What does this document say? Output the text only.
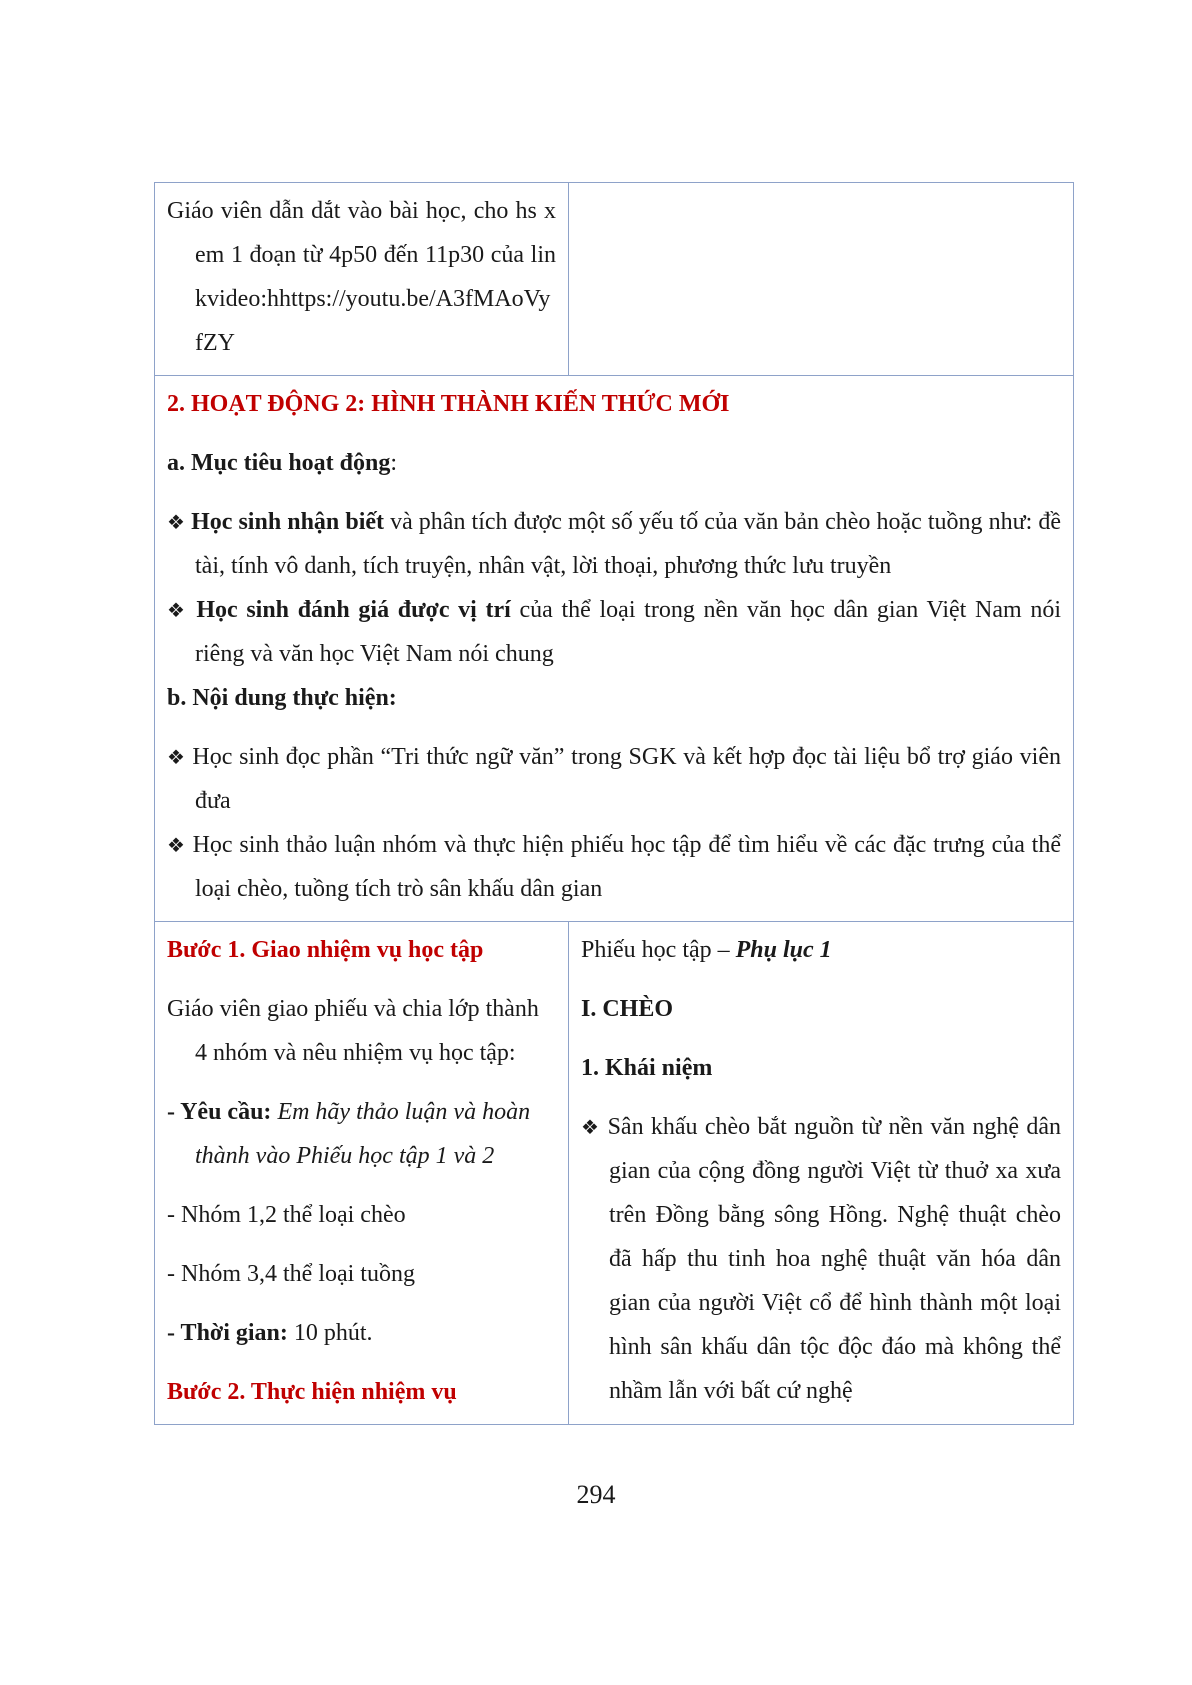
Giáo viên dẫn dắt vào bài học, cho hs xem 1 đoạn từ 4p50 đến 11p30 của linkvideo:hhttps://youtu.be/A3fMAoVyfZY

2. HOẠT ĐỘNG 2: HÌNH THÀNH KIẾN THỨC MỚI

a. Mục tiêu hoạt động:

❖ Học sinh nhận biết và phân tích được một số yếu tố của văn bản chèo hoặc tuồng như: đề tài, tính vô danh, tích truyện, nhân vật, lời thoại, phương thức lưu truyền

❖ Học sinh đánh giá được vị trí của thể loại trong nền văn học dân gian Việt Nam nói riêng và văn học Việt Nam nói chung

b. Nội dung thực hiện:

❖ Học sinh đọc phần “Tri thức ngữ văn” trong SGK và kết hợp đọc tài liệu bổ trợ giáo viên đưa

❖ Học sinh thảo luận nhóm và thực hiện phiếu học tập để tìm hiểu về các đặc trưng của thể loại chèo, tuồng tích trò sân khấu dân gian

Bước 1. Giao nhiệm vụ học tập

Giáo viên giao phiếu và chia lớp thành 4 nhóm và nêu nhiệm vụ học tập:

- Yêu cầu: Em hãy thảo luận và hoàn thành vào Phiếu học tập 1 và 2

- Nhóm 1,2 thể loại chèo

- Nhóm 3,4 thể loại tuồng

- Thời gian: 10 phút.

Bước 2. Thực hiện nhiệm vụ

Phiếu học tập – Phụ lục 1

I. CHÈO

1. Khái niệm

❖ Sân khấu chèo bắt nguồn từ nền văn nghệ dân gian của cộng đồng người Việt từ thuở xa xưa trên Đồng bằng sông Hồng. Nghệ thuật chèo đã hấp thu tinh hoa nghệ thuật văn hóa dân gian của người Việt cổ để hình thành một loại hình sân khấu dân tộc độc đáo mà không thể nhầm lẫn với bất cứ nghệ

294
